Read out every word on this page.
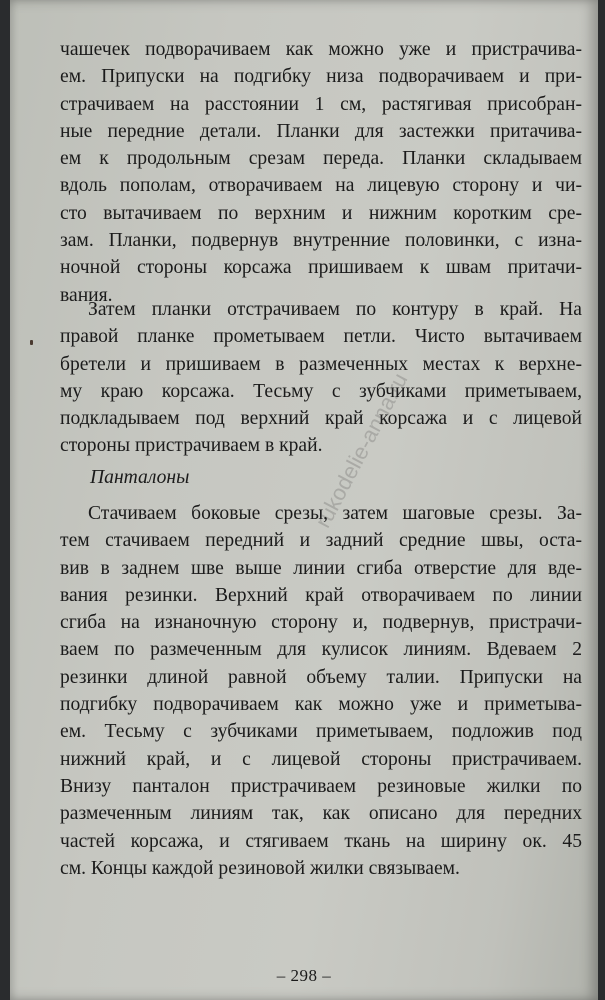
чашечек подворачиваем как можно уже и пристрачива-
ем. Припуски на подгибку низа подворачиваем и при-
страчиваем на расстоянии 1 см, растягивая присобран-
ные передние детали. Планки для застежки притачива-
ем к продольным срезам переда. Планки складываем
вдоль пополам, отворачиваем на лицевую сторону и чи-
сто вытачиваем по верхним и нижним коротким сре-
зам. Планки, подвернув внутренние половинки, с изна-
ночной стороны корсажа пришиваем к швам притачи-
вания.
Затем планки отстрачиваем по контуру в край. На
правой планке прометываем петли. Чисто вытачиваем
бретели и пришиваем в размеченных местах к верхне-
му краю корсажа. Тесьму с зубчиками приметываем,
подкладываем под верхний край корсажа и с лицевой
стороны пристрачиваем в край.
Панталоны
Стачиваем боковые срезы, затем шаговые срезы. За-
тем стачиваем передний и задний средние швы, оста-
вив в заднем шве выше линии сгиба отверстие для вде-
вания резинки. Верхний край отворачиваем по линии
сгиба на изнаночную сторону и, подвернув, пристрачи-
ваем по размеченным для кулисок линиям. Вдеваем 2
резинки длиной равной объему талии. Припуски на
подгибку подворачиваем как можно уже и приметыва-
ем. Тесьму с зубчиками приметываем, подложив под
нижний край, и с лицевой стороны пристрачиваем.
Внизу панталон пристрачиваем резиновые жилки по
размеченным линиям так, как описано для передних
частей корсажа, и стягиваем ткань на ширину ок. 45
см. Концы каждой резиновой жилки связываем.
rukodelie-anna.ru
– 298 –
